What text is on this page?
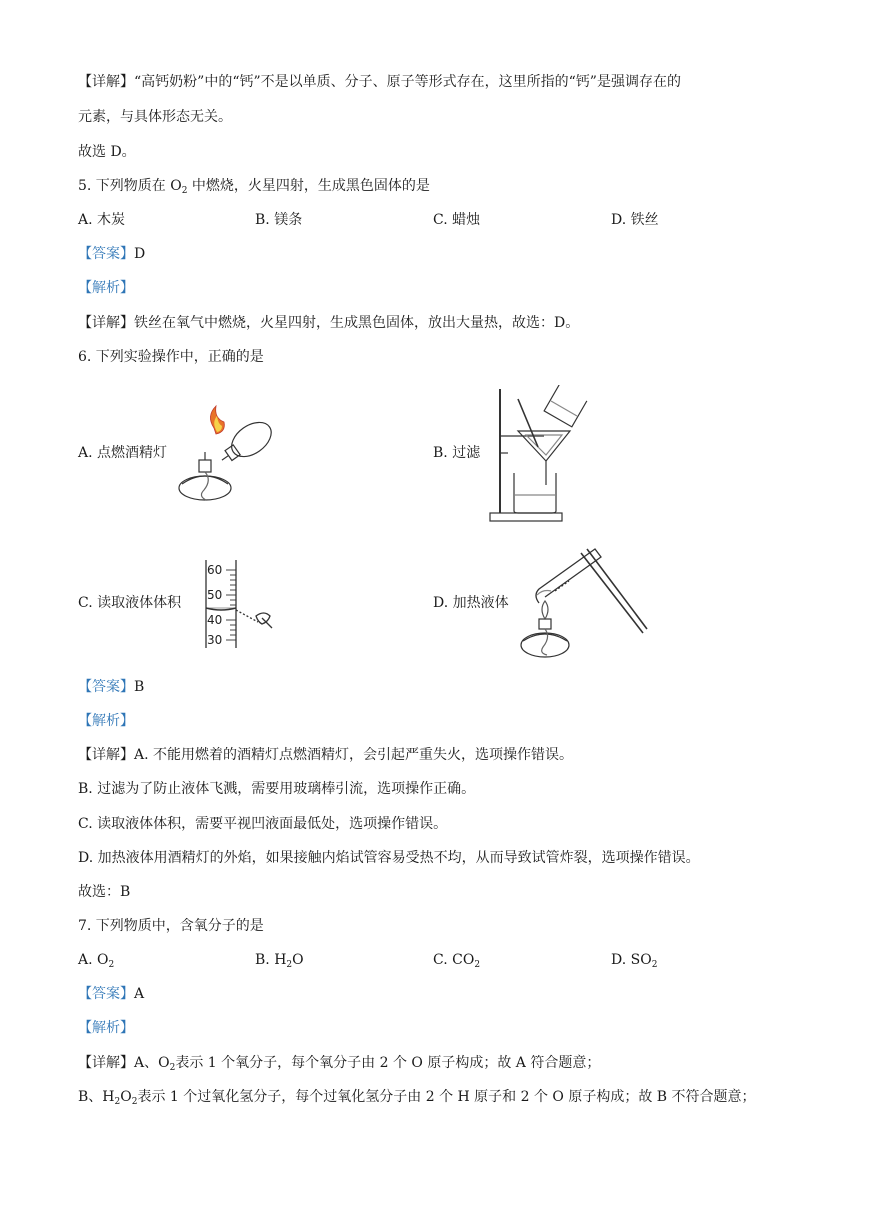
【详解】“高钙奶粉”中的“钙”不是以单质、分子、原子等形式存在，这里所指的“钙”是强调存在的
元素，与具体形态无关。
故选 D。
5. 下列物质在 $O_2$ 中燃烧，火星四射，生成黑色固体的是
A. 木炭	B. 镁条	C. 蜡烛	D. 铁丝
【答案】D
【解析】
【详解】铁丝在氧气中燃烧，火星四射，生成黑色固体，放出大量热，故选：D。
6. 下列实验操作中，正确的是
A. 点燃酒精灯	B. 过滤
C. 读取液体体积	D. 加热液体
60
50
40
30
【答案】B
【解析】
【详解】A. 不能用燃着的酒精灯点燃酒精灯，会引起严重失火，选项操作错误。
B. 过滤为了防止液体飞溅，需要用玻璃棒引流，选项操作正确。
C. 读取液体体积，需要平视凹液面最低处，选项操作错误。
D. 加热液体用酒精灯的外焰，如果接触内焰试管容易受热不均，从而导致试管炸裂，选项操作错误。
故选：B
7. 下列物质中，含氧分子的是
A. $O_2$	B. $H_2O$	C. $CO_2$	D. $SO_2$
【答案】A
【解析】
【详解】A、$O_2$表示 1 个氧分子，每个氧分子由 2 个 O 原子构成；故 A 符合题意；
B、$H_2O_2$表示 1 个过氧化氢分子，每个过氧化氢分子由 2 个 H 原子和 2 个 O 原子构成；故 B 不符合题意；
